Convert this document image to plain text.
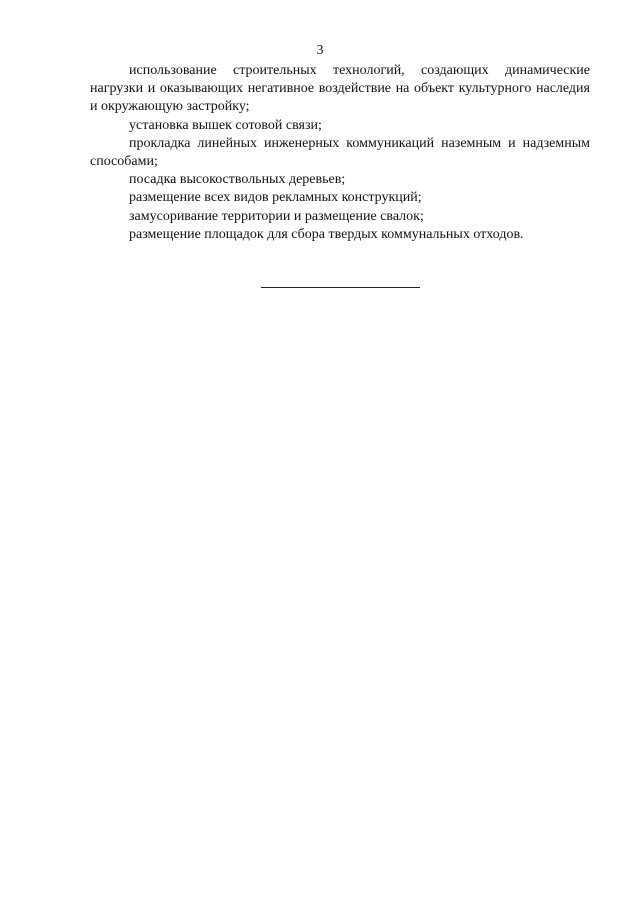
3

использование строительных технологий, создающих динамические нагрузки и оказывающих негативное воздействие на объект культурного наследия и окружающую застройку;

установка вышек сотовой связи;

прокладка линейных инженерных коммуникаций наземным и надземным способами;

посадка высокоствольных деревьев;

размещение всех видов рекламных конструкций;

замусоривание территории и размещение свалок;

размещение площадок для сбора твердых коммунальных отходов.
